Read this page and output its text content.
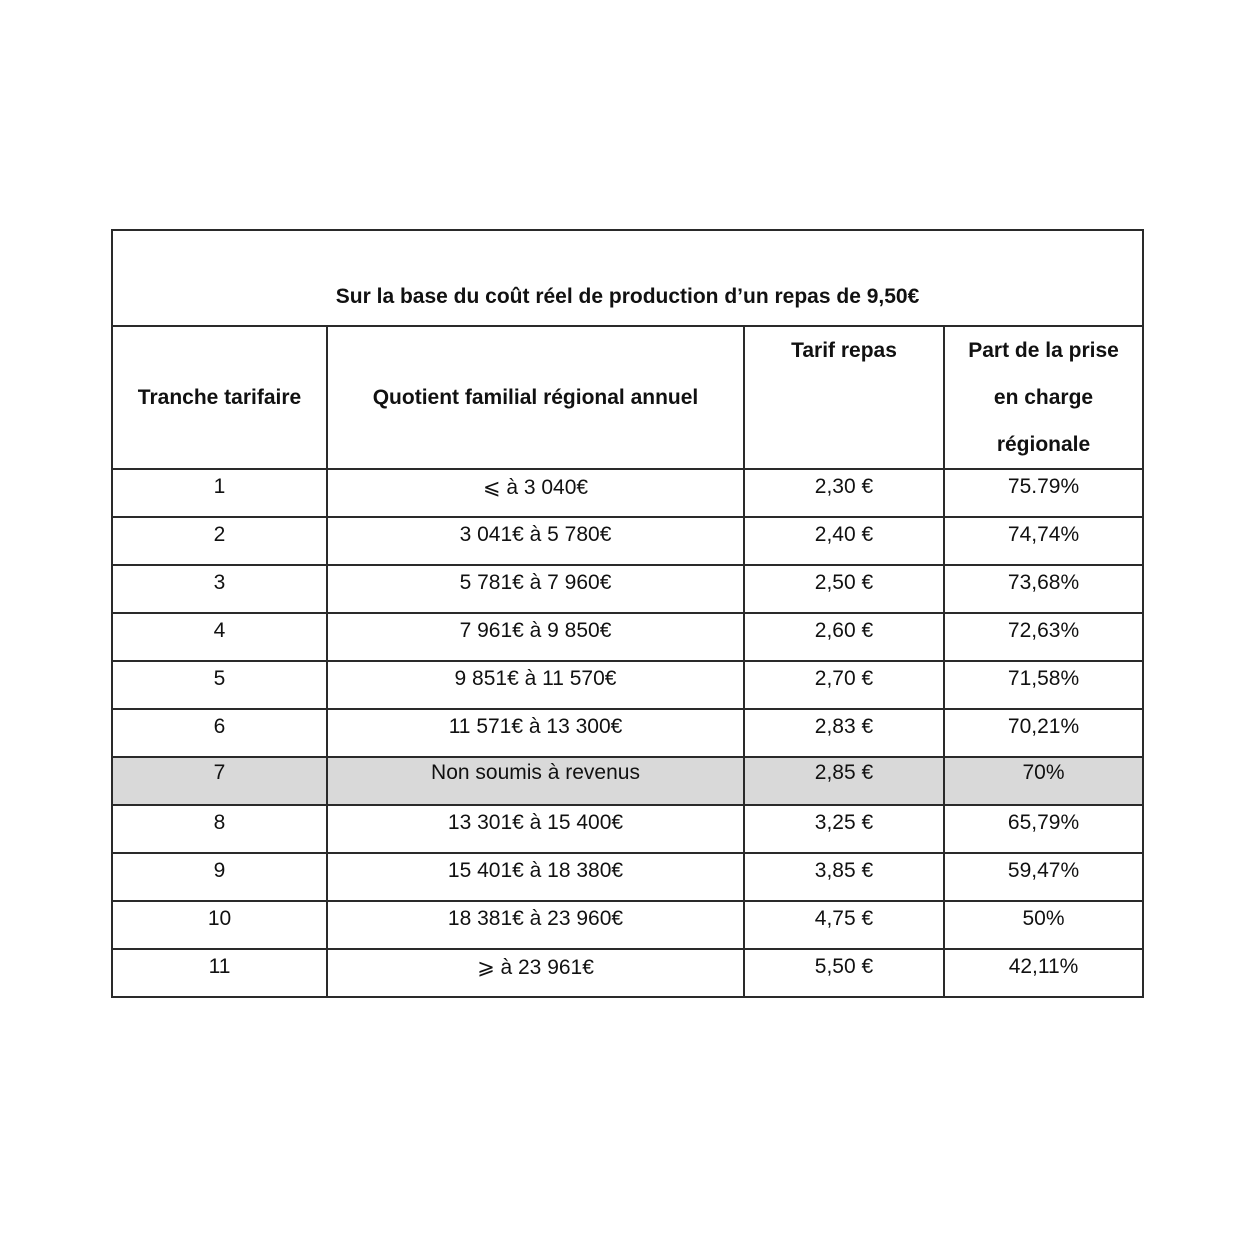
Sur la base du coût réel de production d’un repas de 9,50€			

Tranche tarifaire	Quotient familial régional annuel	Tarif repas	Part de la prise
en charge
régionale

1	⩽ à 3 040€	2,30 €	75.79%

2	3 041€ à 5 780€	2,40 €	74,74%

3	5 781€ à 7 960€	2,50 €	73,68%

4	7 961€ à 9 850€	2,60 €	72,63%

5	9 851€ à 11 570€	2,70 €	71,58%

6	11 571€ à 13 300€	2,83 €	70,21%

7	Non soumis à revenus	2,85 €	70%

8	13 301€ à 15 400€	3,25 €	65,79%

9	15 401€ à 18 380€	3,85 €	59,47%

10	18 381€ à 23 960€	4,75 €	50%

11	⩾ à 23 961€	5,50 €	42,11%
